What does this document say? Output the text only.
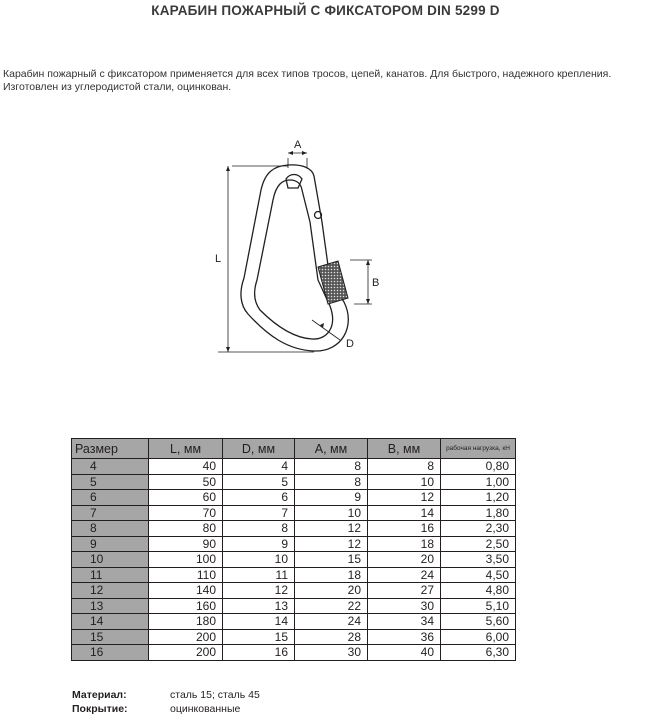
КАРАБИН ПОЖАРНЫЙ С ФИКСАТОРОМ DIN 5299 D
Карабин пожарный с фиксатором применяется для всех типов тросов, цепей, канатов. Для быстрого, надежного крепления.
Изготовлен из углеродистой стали, оцинкован.
A
L
B
D
Размер	L, мм	D, мм	A, мм	B, мм	рабочая нагрузка, кН
4	40	4	8	8	0,80
5	50	5	8	10	1,00
6	60	6	9	12	1,20
7	70	7	10	14	1,80
8	80	8	12	16	2,30
9	90	9	12	18	2,50
10	100	10	15	20	3,50
11	110	11	18	24	4,50
12	140	12	20	27	4,80
13	160	13	22	30	5,10
14	180	14	24	34	5,60
15	200	15	28	36	6,00
16	200	16	30	40	6,30
Материал:	сталь 15; сталь 45
Покрытие:	оцинкованные
